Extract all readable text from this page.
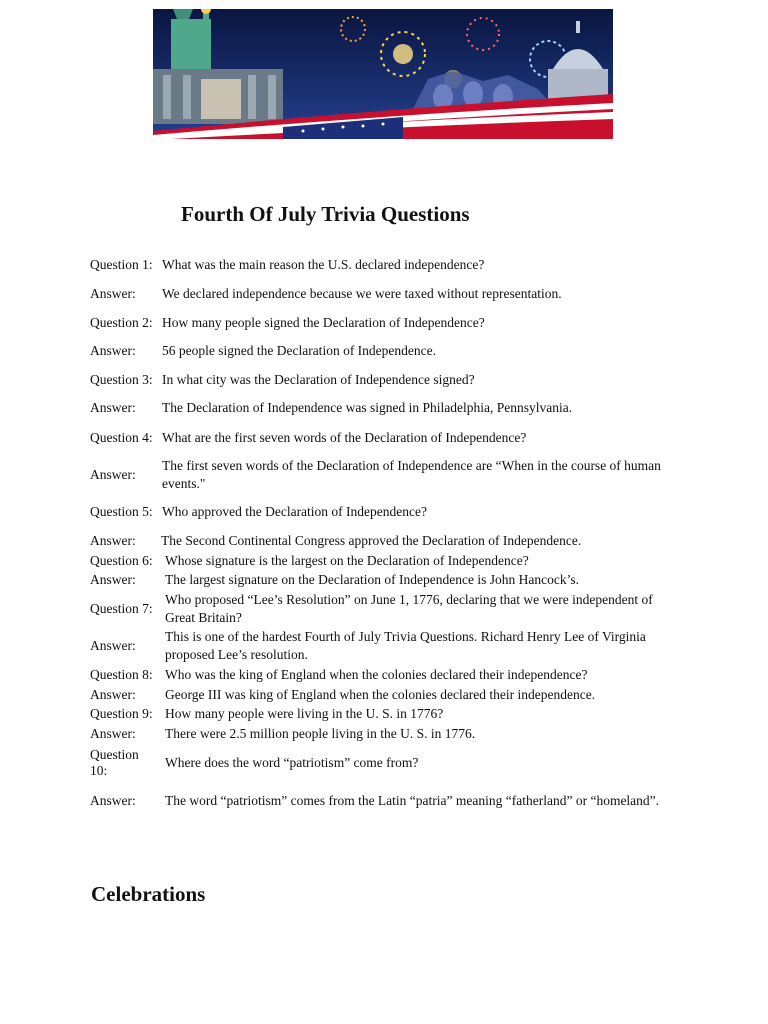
Fourth Of July Trivia Questions
Question 1: What was the main reason the U.S. declared independence?
Answer:	We declared independence because we were taxed without representation.
Question 2: How many people signed the Declaration of Independence?
Answer:	56 people signed the Declaration of Independence.
Question 3: In what city was the Declaration of Independence signed?
Answer:	The Declaration of Independence was signed in Philadelphia, Pennsylvania.
Question 4: What are the first seven words of the Declaration of Independence?
Answer:
The first seven words of the Declaration of Independence are “When in the course of human events."
Question 5: Who approved the Declaration of Independence?
Answer:	The Second Continental Congress approved the Declaration of Independence.
Question 6: Whose signature is the largest on the Declaration of Independence?
Answer:	The largest signature on the Declaration of Independence is John Hancock’s.
Question 7:
Who proposed “Lee’s Resolution” on June 1, 1776, declaring that we were independent of Great Britain?
Answer:
This is one of the hardest Fourth of July Trivia Questions. Richard Henry Lee of Virginia proposed Lee’s resolution.
Question 8: Who was the king of England when the colonies declared their independence?
Answer:	George III was king of England when the colonies declared their independence.
Question 9: How many people were living in the U. S. in 1776?
Answer:	There were 2.5 million people living in the U. S. in 1776.
Question 10:
Where does the word “patriotism” come from?
Answer:	The word “patriotism” comes from the Latin “patria” meaning “fatherland” or “homeland”.
Celebrations
